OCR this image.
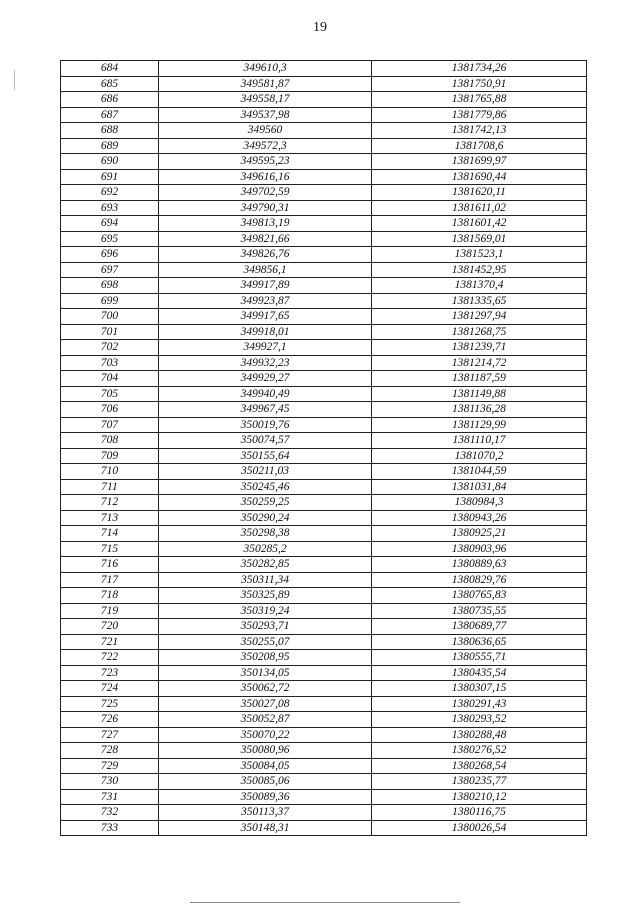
19
684	349610,3	1381734,26
685	349581,87	1381750,91
686	349558,17	1381765,88
687	349537,98	1381779,86
688	349560	1381742,13
689	349572,3	1381708,6
690	349595,23	1381699,97
691	349616,16	1381690,44
692	349702,59	1381620,11
693	349790,31	1381611,02
694	349813,19	1381601,42
695	349821,66	1381569,01
696	349826,76	1381523,1
697	349856,1	1381452,95
698	349917,89	1381370,4
699	349923,87	1381335,65
700	349917,65	1381297,94
701	349918,01	1381268,75
702	349927,1	1381239,71
703	349932,23	1381214,72
704	349929,27	1381187,59
705	349940,49	1381149,88
706	349967,45	1381136,28
707	350019,76	1381129,99
708	350074,57	1381110,17
709	350155,64	1381070,2
710	350211,03	1381044,59
711	350245,46	1381031,84
712	350259,25	1380984,3
713	350290,24	1380943,26
714	350298,38	1380925,21
715	350285,2	1380903,96
716	350282,85	1380889,63
717	350311,34	1380829,76
718	350325,89	1380765,83
719	350319,24	1380735,55
720	350293,71	1380689,77
721	350255,07	1380636,65
722	350208,95	1380555,71
723	350134,05	1380435,54
724	350062,72	1380307,15
725	350027,08	1380291,43
726	350052,87	1380293,52
727	350070,22	1380288,48
728	350080,96	1380276,52
729	350084,05	1380268,54
730	350085,06	1380235,77
731	350089,36	1380210,12
732	350113,37	1380116,75
733	350148,31	1380026,54
